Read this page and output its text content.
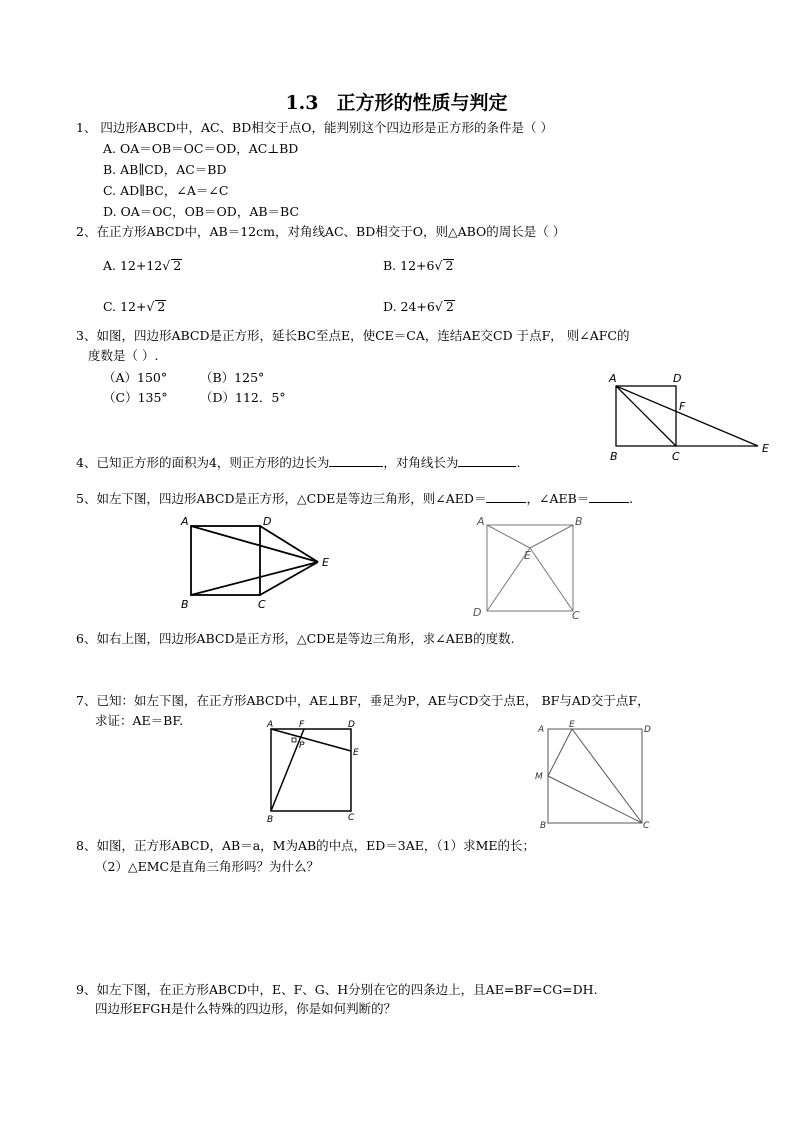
1.3 正方形的性质与判定
1、 四边形ABCD中，AC、BD相交于点O，能判别这个四边形是正方形的条件是（ ）
A. OA＝OB＝OC＝OD，AC⊥BD
B. AB∥CD，AC＝BD
C. AD∥BC，∠A＝∠C
D. OA＝OC，OB＝OD，AB＝BC
2、在正方形ABCD中，AB＝12cm，对角线AC、BD相交于O，则△ABO的周长是（ ）
A. 12+12√ 2	B. 12+6√ 2
C. 12+√ 2	D. 24+6√ 2
3、如图，四边形ABCD是正方形，延长BC至点E，使CE＝CA，连结AE交CD 于点F， 则∠AFC的
度数是（ ）.
（A）150°	（B）125°
（C）135°	（D）112．5°
A	D
F
B	C
E
4、已知正方形的面积为4，则正方形的边长为	，对角线长为	.
5、如左下图，四边形ABCD是正方形，△CDE是等边三角形，则∠AED＝	，∠AEB＝	.
A	D
E
B	C
A	B
E
D	C
6、如右上图，四边形ABCD是正方形，△CDE是等边三角形，求∠AEB的度数.
7、已知：如左下图，在正方形ABCD中，AE⊥BF，垂足为P，AE与CD交于点E， BF与AD交于点F，
求证：AE＝BF.	A	F	D
P
E
B	C
A	E	D
M
B	C
8、如图，正方形ABCD，AB＝a，M为AB的中点，ED＝3AE，（1）求ME的长；
（2）△EMC是直角三角形吗？为什么？
9、如左下图，在正方形ABCD中，E、F、G、H分别在它的四条边上，且AE=BF=CG=DH.
四边形EFGH是什么特殊的四边形，你是如何判断的？
